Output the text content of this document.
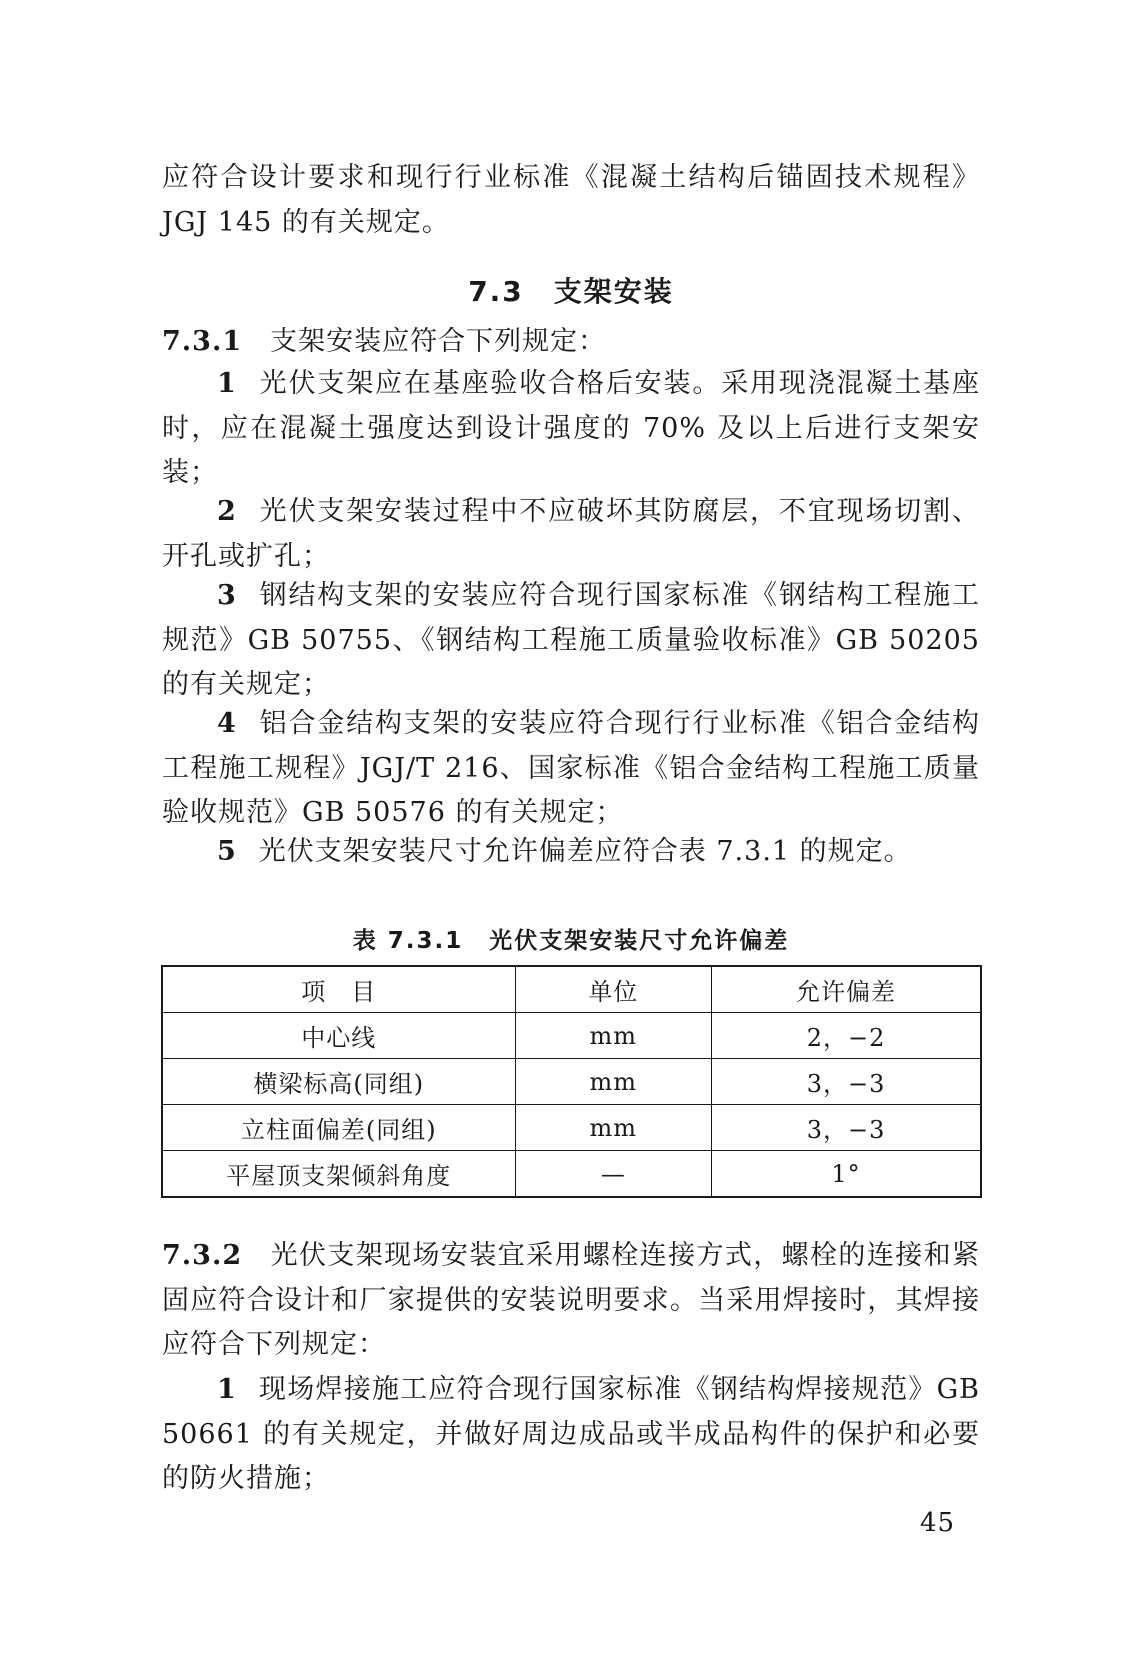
应符合设计要求和现行行业标准《混凝土结构后锚固技术规程》JGJ 145 的有关规定。

7.3 支架安装

7.3.1 支架安装应符合下列规定：

1 光伏支架应在基座验收合格后安装。采用现浇混凝土基座时，应在混凝土强度达到设计强度的 70% 及以上后进行支架安装；

2 光伏支架安装过程中不应破坏其防腐层，不宜现场切割、开孔或扩孔；

3 钢结构支架的安装应符合现行国家标准《钢结构工程施工规范》GB 50755、《钢结构工程施工质量验收标准》GB 50205 的有关规定；

4 铝合金结构支架的安装应符合现行行业标准《铝合金结构工程施工规程》JGJ/T 216、国家标准《铝合金结构工程施工质量验收规范》GB 50576 的有关规定；

5 光伏支架安装尺寸允许偏差应符合表 7.3.1 的规定。

表 7.3.1 光伏支架安装尺寸允许偏差
项　目	单位	允许偏差
中心线	mm	2，−2
横梁标高(同组)	mm	3，−3
立柱面偏差(同组)	mm	3，−3
平屋顶支架倾斜角度	—	1°

7.3.2 光伏支架现场安装宜采用螺栓连接方式，螺栓的连接和紧固应符合设计和厂家提供的安装说明要求。当采用焊接时，其焊接应符合下列规定：

1 现场焊接施工应符合现行国家标准《钢结构焊接规范》GB 50661 的有关规定，并做好周边成品或半成品构件的保护和必要的防火措施；

45
